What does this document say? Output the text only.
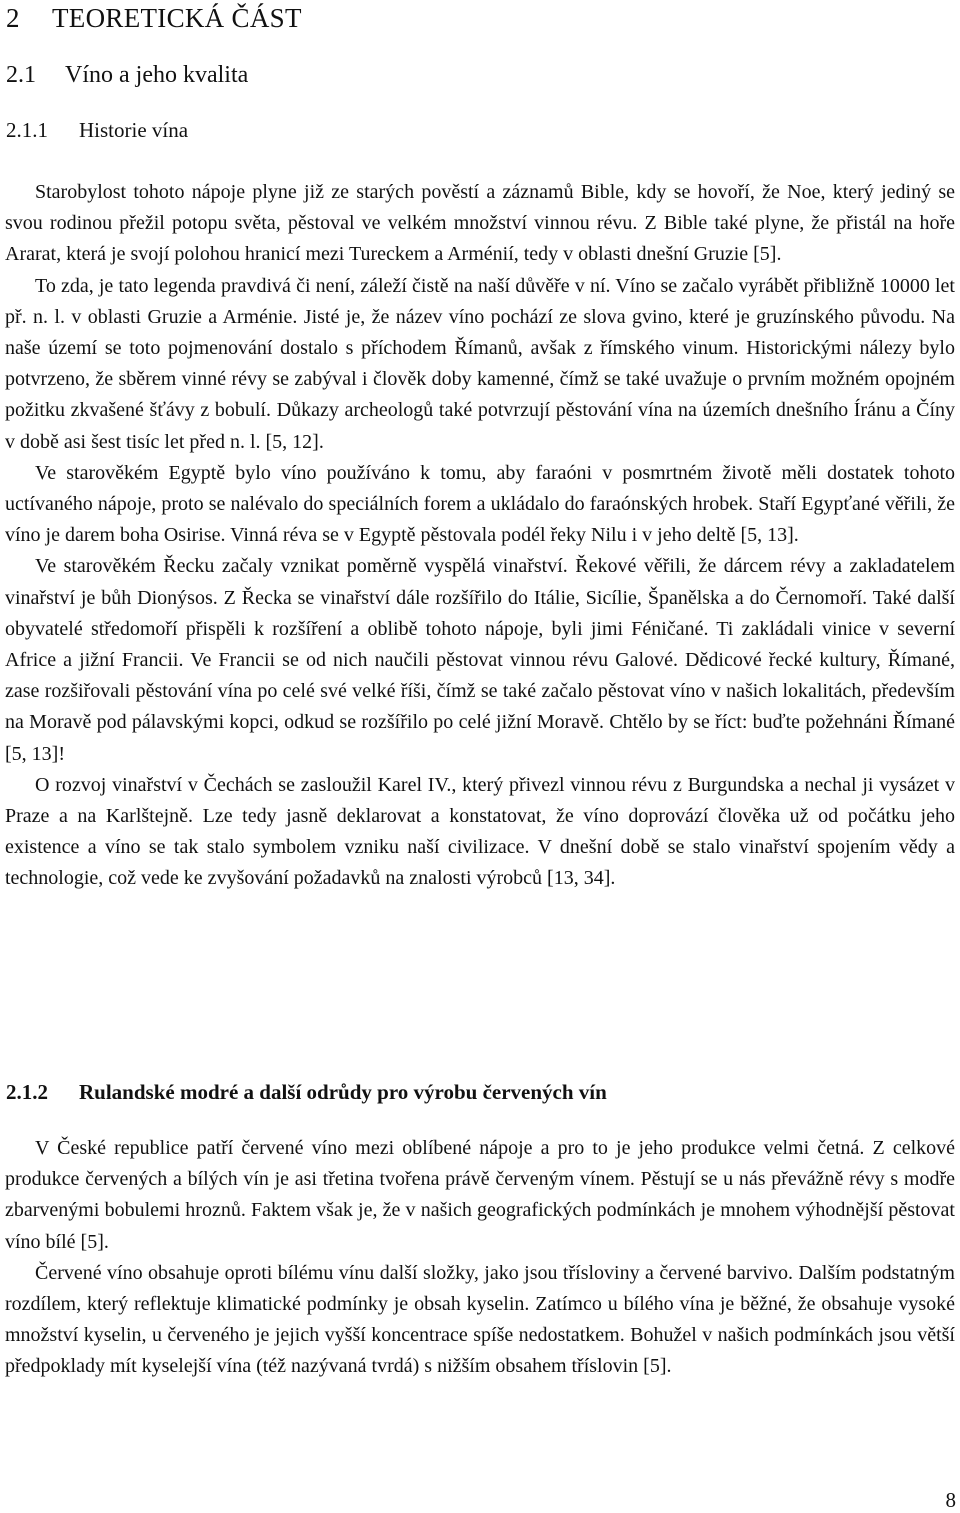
2 TEORETICKÁ ČÁST
2.1 Víno a jeho kvalita
2.1.1 Historie vína

Starobylost tohoto nápoje plyne již ze starých pověstí a záznamů Bible, kdy se hovoří, že Noe, který jediný se svou rodinou přežil potopu světa, pěstoval ve velkém množství vinnou révu. Z Bible také plyne, že přistál na hoře Ararat, která je svojí polohou hranicí mezi Tureckem a Arménií, tedy v oblasti dnešní Gruzie [5].

To zda, je tato legenda pravdivá či není, záleží čistě na naší důvěře v ní. Víno se začalo vyrábět přibližně 10000 let př. n. l. v oblasti Gruzie a Arménie. Jisté je, že název víno pochází ze slova gvino, které je gruzínského původu. Na naše území se toto pojmenování dostalo s příchodem Římanů, avšak z římského vinum. Historickými nálezy bylo potvrzeno, že sběrem vinné révy se zabýval i člověk doby kamenné, čímž se také uvažuje o prvním možném opojném požitku zkvašené šťávy z bobulí. Důkazy archeologů také potvrzují pěstování vína na územích dnešního Íránu a Číny v době asi šest tisíc let před n. l. [5, 12].

Ve starověkém Egyptě bylo víno používáno k tomu, aby faraóni v posmrtném životě měli dostatek tohoto uctívaného nápoje, proto se nalévalo do speciálních forem a ukládalo do faraónských hrobek. Staří Egypťané věřili, že víno je darem boha Osirise. Vinná réva se v Egyptě pěstovala podél řeky Nilu i v jeho deltě [5, 13].

Ve starověkém Řecku začaly vznikat poměrně vyspělá vinařství. Řekové věřili, že dárcem révy a zakladatelem vinařství je bůh Dionýsos. Z Řecka se vinařství dále rozšířilo do Itálie, Sicílie, Španělska a do Černomoří. Také další obyvatelé středomoří přispěli k rozšíření a oblibě tohoto nápoje, byli jimi Féničané. Ti zakládali vinice v severní Africe a jižní Francii. Ve Francii se od nich naučili pěstovat vinnou révu Galové. Dědicové řecké kultury, Římané, zase rozšiřovali pěstování vína po celé své velké říši, čímž se také začalo pěstovat víno v našich lokalitách, především na Moravě pod pálavskými kopci, odkud se rozšířilo po celé jižní Moravě. Chtělo by se říct: buďte požehnáni Římané [5, 13]!

O rozvoj vinařství v Čechách se zasloužil Karel IV., který přivezl vinnou révu z Burgundska a nechal ji vysázet v Praze a na Karlštejně. Lze tedy jasně deklarovat a konstatovat, že víno doprovází člověka už od počátku jeho existence a víno se tak stalo symbolem vzniku naší civilizace. V dnešní době se stalo vinařství spojením vědy a technologie, což vede ke zvyšování požadavků na znalosti výrobců [13, 34].

2.1.2 Rulandské modré a další odrůdy pro výrobu červených vín

V České republice patří červené víno mezi oblíbené nápoje a pro to je jeho produkce velmi četná. Z celkové produkce červených a bílých vín je asi třetina tvořena právě červeným vínem. Pěstují se u nás převážně révy s modře zbarvenými bobulemi hroznů. Faktem však je, že v našich geografických podmínkách je mnohem výhodnější pěstovat víno bílé [5].

Červené víno obsahuje oproti bílému vínu další složky, jako jsou třísloviny a červené barvivo. Dalším podstatným rozdílem, který reflektuje klimatické podmínky je obsah kyselin. Zatímco u bílého vína je běžné, že obsahuje vysoké množství kyselin, u červeného je jejich vyšší koncentrace spíše nedostatkem. Bohužel v našich podmínkách jsou větší předpoklady mít kyselejší vína (též nazývaná tvrdá) s nižším obsahem tříslovin [5].

8
